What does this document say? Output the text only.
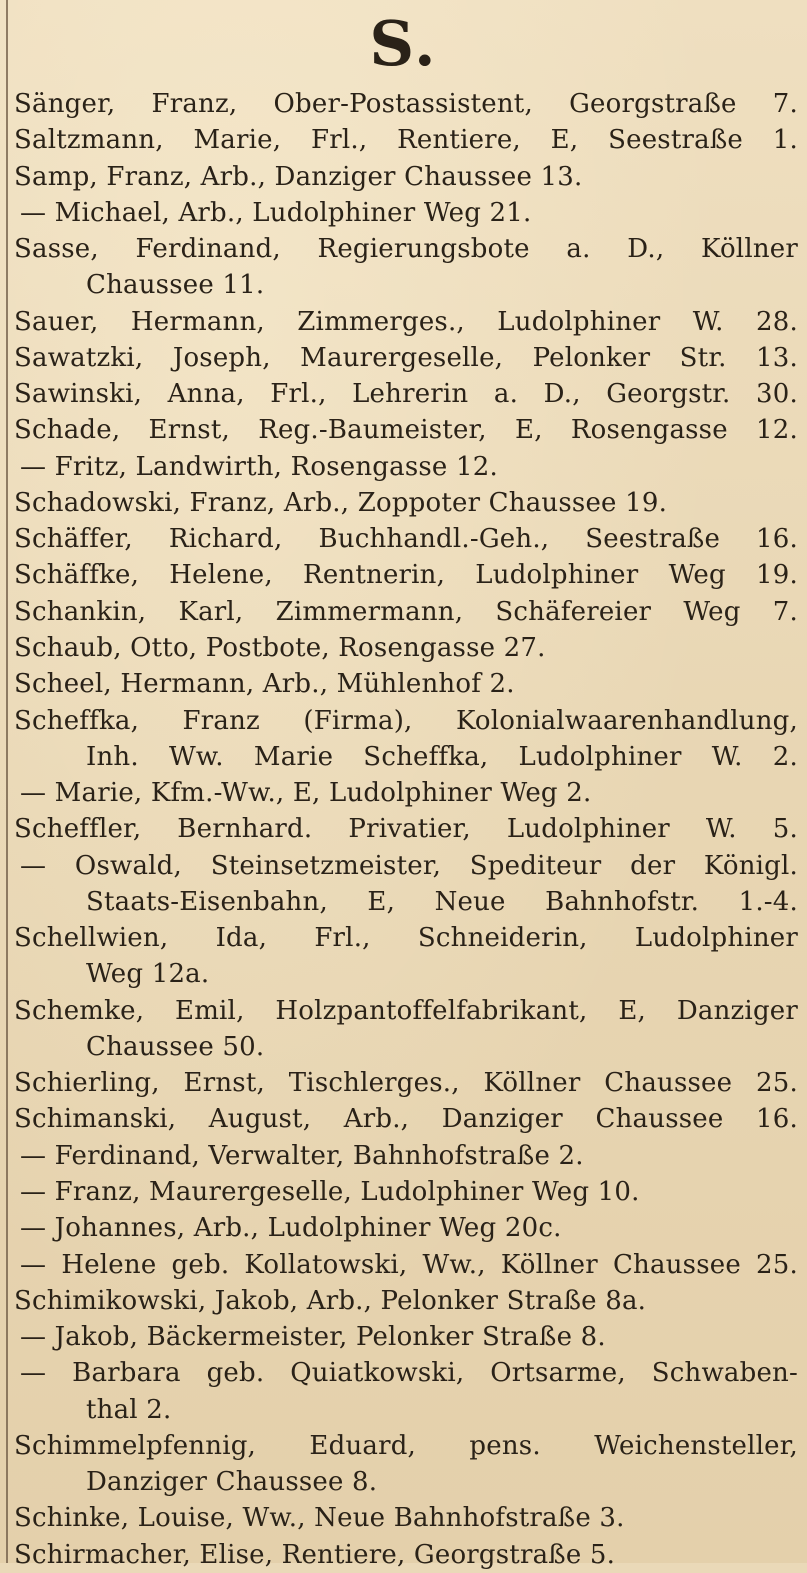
S.
Sänger, Franz, Ober-Postassistent, Georgstraße 7.
Saltzmann, Marie, Frl., Rentiere, E, Seestraße 1.
Samp, Franz, Arb., Danziger Chaussee 13.
— Michael, Arb., Ludolphiner Weg 21.
Sasse, Ferdinand, Regierungsbote a. D., Köllner
Chaussee 11.
Sauer, Hermann, Zimmerges., Ludolphiner W. 28.
Sawatzki, Joseph, Maurergeselle, Pelonker Str. 13.
Sawinski, Anna, Frl., Lehrerin a. D., Georgstr. 30.
Schade, Ernst, Reg.-Baumeister, E, Rosengasse 12.
— Fritz, Landwirth, Rosengasse 12.
Schadowski, Franz, Arb., Zoppoter Chaussee 19.
Schäffer, Richard, Buchhandl.-Geh., Seestraße 16.
Schäffke, Helene, Rentnerin, Ludolphiner Weg 19.
Schankin, Karl, Zimmermann, Schäfereier Weg 7.
Schaub, Otto, Postbote, Rosengasse 27.
Scheel, Hermann, Arb., Mühlenhof 2.
Scheffka, Franz (Firma), Kolonialwaarenhandlung,
Inh. Ww. Marie Scheffka, Ludolphiner W. 2.
— Marie, Kfm.-Ww., E, Ludolphiner Weg 2.
Scheffler, Bernhard. Privatier, Ludolphiner W. 5.
— Oswald, Steinsetzmeister, Spediteur der Königl.
Staats-Eisenbahn, E, Neue Bahnhofstr. 1.-4.
Schellwien, Ida, Frl., Schneiderin, Ludolphiner
Weg 12a.
Schemke, Emil, Holzpantoffelfabrikant, E, Danziger
Chaussee 50.
Schierling, Ernst, Tischlerges., Köllner Chaussee 25.
Schimanski, August, Arb., Danziger Chaussee 16.
— Ferdinand, Verwalter, Bahnhofstraße 2.
— Franz, Maurergeselle, Ludolphiner Weg 10.
— Johannes, Arb., Ludolphiner Weg 20c.
— Helene geb. Kollatowski, Ww., Köllner Chaussee 25.
Schimikowski, Jakob, Arb., Pelonker Straße 8a.
— Jakob, Bäckermeister, Pelonker Straße 8.
— Barbara geb. Quiatkowski, Ortsarme, Schwaben-
thal 2.
Schimmelpfennig, Eduard, pens. Weichensteller,
Danziger Chaussee 8.
Schinke, Louise, Ww., Neue Bahnhofstraße 3.
Schirmacher, Elise, Rentiere, Georgstraße 5.
